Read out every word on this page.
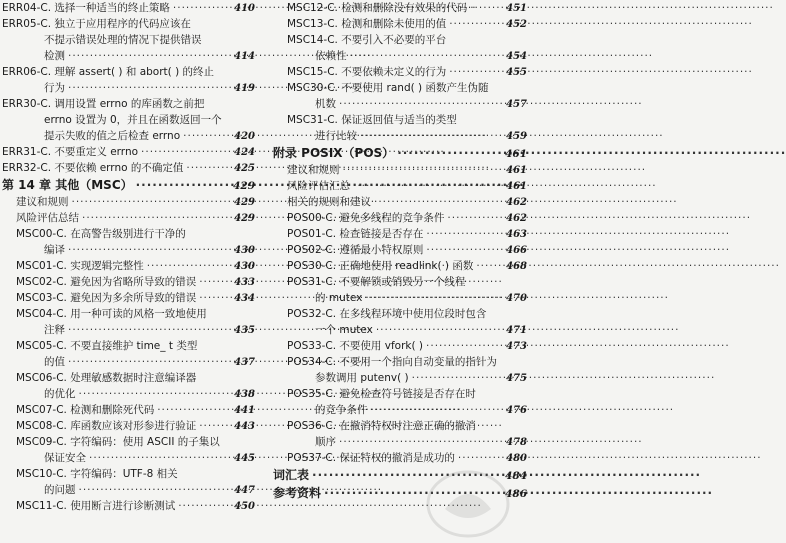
ERR04-C. 选择一种适当的终止策略 ·····	410
ERR05-C. 独立于应用程序的代码应该在
不提示错误处理的情况下提供错误
检测 ·····	414
ERR06-C. 理解 assert( ) 和 abort( ) 的终止
行为 ·····	419
ERR30-C. 调用设置 errno 的库函数之前把
errno 设置为 0，并且在函数返回一个
提示失败的值之后检查 errno ·····	420
ERR31-C. 不要重定义 errno ·····	424
ERR32-C. 不要依赖 errno 的不确定值 ·····	425
第 14 章 其他（MSC） ·····	429
建议和规则 ·····	429
风险评估总结 ·····	429
MSC00-C. 在高警告级别进行干净的
编译 ·····	430
MSC01-C. 实现逻辑完整性 ·····	430
MSC02-C. 避免因为省略所导致的错误 ·····	433
MSC03-C. 避免因为多余所导致的错误 ·····	434
MSC04-C. 用一种可读的风格一致地使用
注释 ·····	435
MSC05-C. 不要直接维护 time_ t 类型
的值 ·····	437
MSC06-C. 处理敏感数据时注意编译器
的优化 ·····	438
MSC07-C. 检测和删除死代码 ·····	441
MSC08-C. 库函数应该对形参进行验证 ·····	443
MSC09-C. 字符编码：使用 ASCII 的子集以
保证安全 ·····	445
MSC10-C. 字符编码：UTF-8 相关
的问题 ·····	447
MSC11-C. 使用断言进行诊断测试 ·····	450
MSC12-C. 检测和删除没有效果的代码 ·····	451
MSC13-C. 检测和删除未使用的值 ·····	452
MSC14-C. 不要引入不必要的平台
依赖性 ·····	454
MSC15-C. 不要依赖未定义的行为 ·····	455
MSC30-C. 不要使用 rand( ) 函数产生伪随
机数 ·····	457
MSC31-C. 保证返回值与适当的类型
进行比较 ·····	459
附录 POSIX（POS） ·····	461
建议和规则 ·····	461
风险评估汇总 ·····	461
相关的规则和建议 ·····	462
POS00-C. 避免多线程的竞争条件 ·····	462
POS01-C. 检查链接是否存在 ·····	463
POS02-C. 遵循最小特权原则 ·····	466
POS30-C. 正确地使用 readlink( ) 函数 ·····	468
POS31-C. 不要解锁或销毁另一个线程
的 mutex ·····	470
POS32-C. 在多线程环境中使用位段时包含
一个 mutex ·····	471
POS33-C. 不要使用 vfork( ) ·····	473
POS34-C. 不要用一个指向自动变量的指针为
参数调用 putenv( ) ·····	475
POS35-C. 避免检查符号链接是否存在时
的竞争条件 ·····	476
POS36-C. 在撤消特权时注意正确的撤消
顺序 ·····	478
POS37-C. 保证特权的撤消是成功的 ·····	480
词汇表 ·····	484
参考资料 ·····	486
